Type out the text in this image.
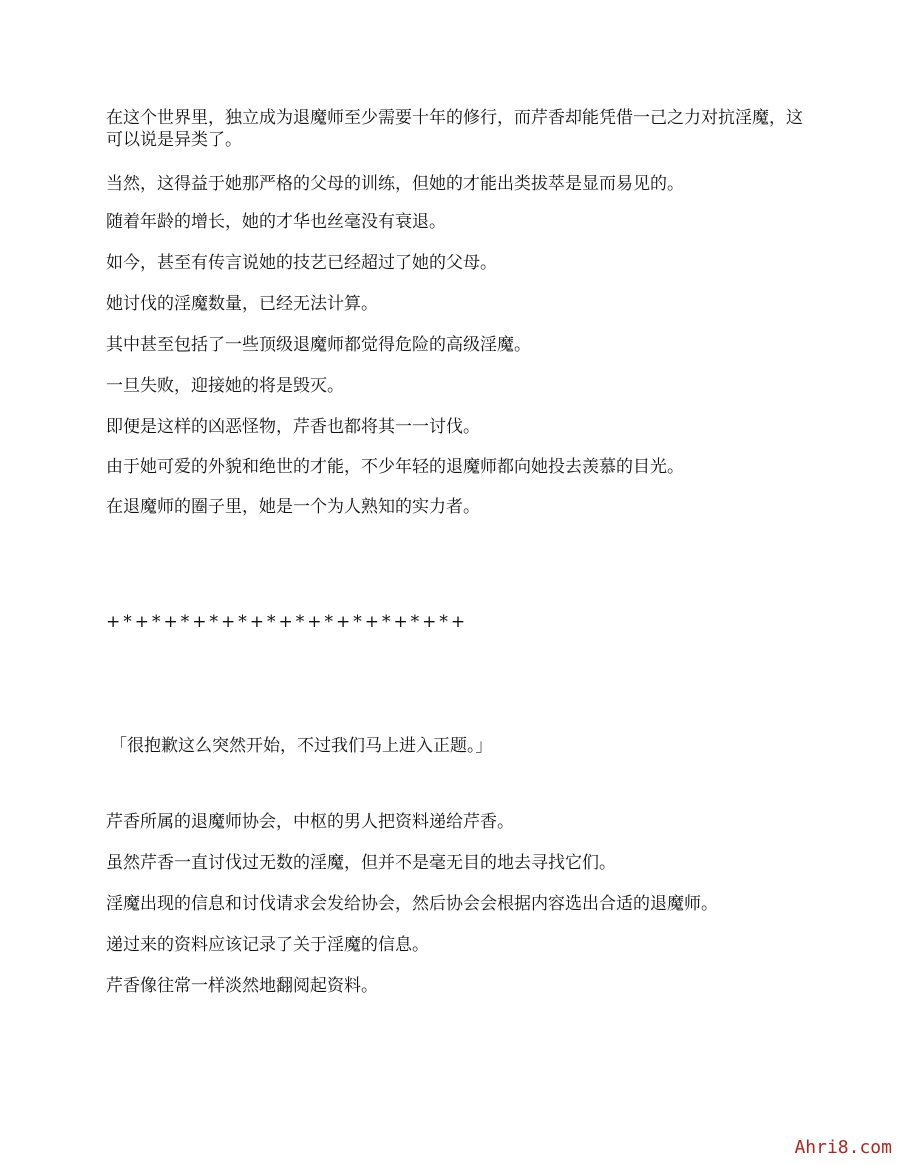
在这个世界里，独立成为退魔师至少需要十年的修行，而芹香却能凭借一己之力对抗淫魔，这可以说是异类了。

当然，这得益于她那严格的父母的训练，但她的才能出类拔萃是显而易见的。

随着年龄的增长，她的才华也丝毫没有衰退。

如今，甚至有传言说她的技艺已经超过了她的父母。

她讨伐的淫魔数量，已经无法计算。

其中甚至包括了一些顶级退魔师都觉得危险的高级淫魔。

一旦失败，迎接她的将是毁灭。

即便是这样的凶恶怪物，芹香也都将其一一讨伐。

由于她可爱的外貌和绝世的才能，不少年轻的退魔师都向她投去羡慕的目光。

在退魔师的圈子里，她是一个为人熟知的实力者。

+*+*+*+*+*+*+*+*+*+*+*+*+

「很抱歉这么突然开始，不过我们马上进入正题。」

芹香所属的退魔师协会，中枢的男人把资料递给芹香。

虽然芹香一直讨伐过无数的淫魔，但并不是毫无目的地去寻找它们。

淫魔出现的信息和讨伐请求会发给协会，然后协会会根据内容选出合适的退魔师。

递过来的资料应该记录了关于淫魔的信息。

芹香像往常一样淡然地翻阅起资料。

Ahri8.com
